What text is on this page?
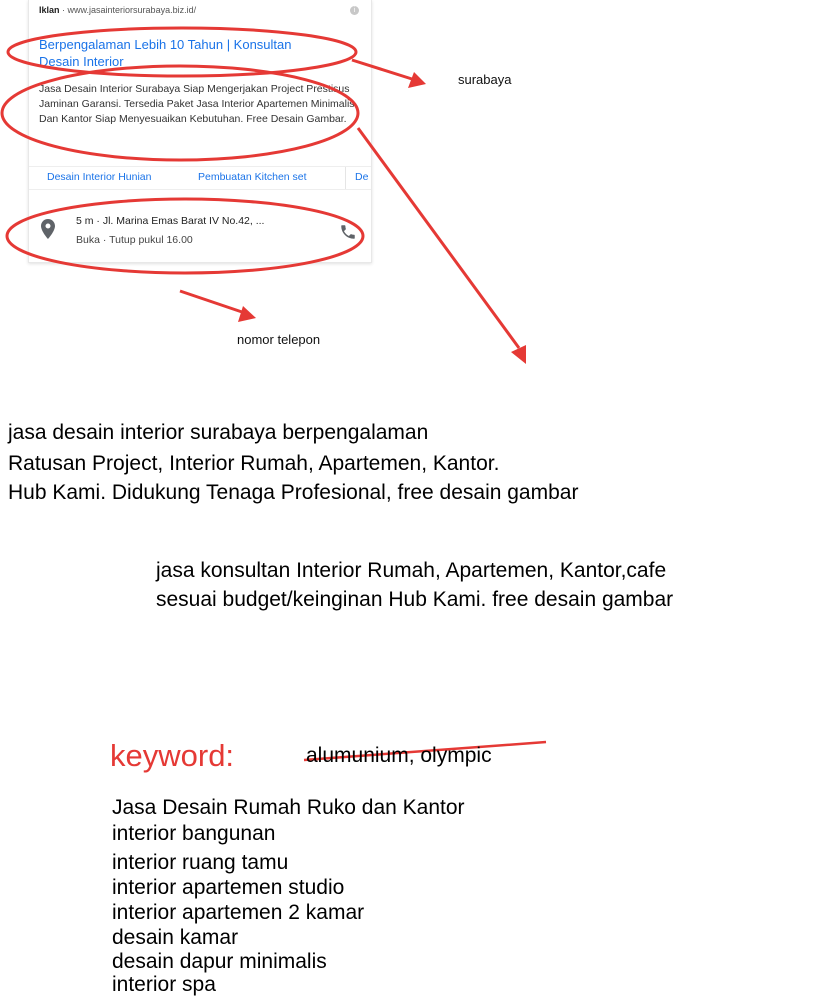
Iklan · www.jasainteriorsurabaya.biz.id/	i
Berpengalaman Lebih 10 Tahun | Konsultan
Desain Interior
Jasa Desain Interior Surabaya Siap Mengerjakan Project Prestisus Jaminan Garansi. Tersedia Paket Jasa Interior Apartemen Minimalis Dan Kantor Siap Menyesuaikan Kebutuhan. Free Desain Gambar.
Desain Interior Hunian	Pembuatan Kitchen set	De
5 m · Jl. Marina Emas Barat IV No.42, ...
Buka · Tutup pukul 16.00
surabaya
nomor telepon
jasa desain interior surabaya berpengalaman
Ratusan Project, Interior Rumah, Apartemen, Kantor.
Hub Kami. Didukung Tenaga Profesional, free desain gambar
jasa konsultan Interior Rumah, Apartemen, Kantor,cafe
sesuai budget/keinginan Hub Kami. free desain gambar
keyword:	alumunium, olympic
Jasa Desain Rumah Ruko dan Kantor
interior bangunan
interior ruang tamu
interior apartemen studio
interior apartemen 2 kamar
desain kamar
desain dapur minimalis
interior spa
